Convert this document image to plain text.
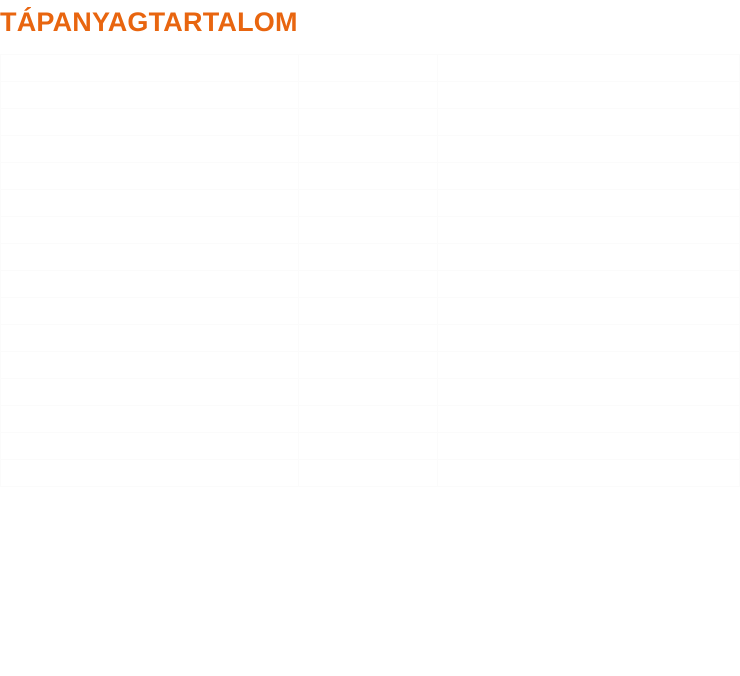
TÁPANYAGTARTALOM
